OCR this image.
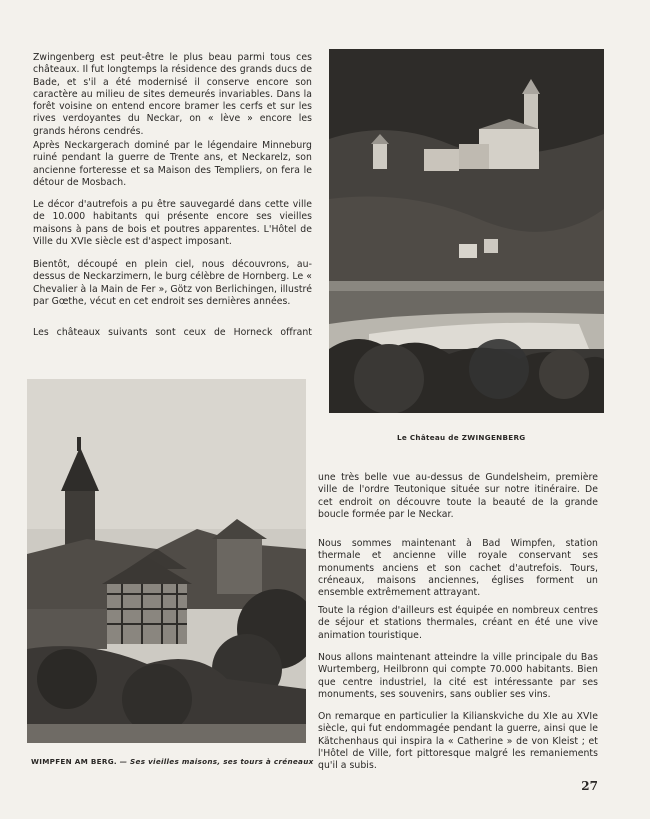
Zwingenberg est peut-être le plus beau parmi tous ces châteaux. Il fut longtemps la résidence des grands ducs de Bade, et s'il a été modernisé il conserve encore son caractère au milieu de sites demeurés invariables. Dans la forêt voisine on entend encore bramer les cerfs et sur les rives verdoyantes du Neckar, on « lève » encore les grands hérons cendrés.

Après Neckargerach dominé par le légendaire Minneburg ruiné pendant la guerre de Trente ans, et Neckarelz, son ancienne forteresse et sa Maison des Templiers, on fera le détour de Mosbach.

Le décor d'autrefois a pu être sauvegardé dans cette ville de 10.000 habitants qui présente encore ses vieilles maisons à pans de bois et poutres apparentes. L'Hôtel de Ville du XVIe siècle est d'aspect imposant.

Bientôt, découpé en plein ciel, nous découvrons, au-dessus de Neckarzimern, le burg célèbre de Hornberg. Le « Chevalier à la Main de Fer », Götz von Berlichingen, illustré par Gœthe, vécut en cet endroit ses dernières années.

Les châteaux suivants sont ceux de Horneck offrant

Le Château de ZWINGENBERG
WIMPFEN AM BERG. — Ses vieilles maisons, ses tours à créneaux

une très belle vue au-dessus de Gundelsheim, première ville de l'ordre Teutonique située sur notre itinéraire. De cet endroit on découvre toute la beauté de la grande boucle formée par le Neckar.

Nous sommes maintenant à Bad Wimpfen, station thermale et ancienne ville royale conservant ses monuments anciens et son cachet d'autrefois. Tours, créneaux, maisons anciennes, églises forment un ensemble extrêmement attrayant.

Toute la région d'ailleurs est équipée en nombreux centres de séjour et stations thermales, créant en été une vive animation touristique.

Nous allons maintenant atteindre la ville principale du Bas Wurtemberg, Heilbronn qui compte 70.000 habitants. Bien que centre industriel, la cité est intéressante par ses monuments, ses souvenirs, sans oublier ses vins.

On remarque en particulier la Kilianskviche du XIe au XVIe siècle, qui fut endommagée pendant la guerre, ainsi que le Kätchenhaus qui inspira la « Catherine » de von Kleist ; et l'Hôtel de Ville, fort pittoresque malgré les remaniements qu'il a subis.

27
